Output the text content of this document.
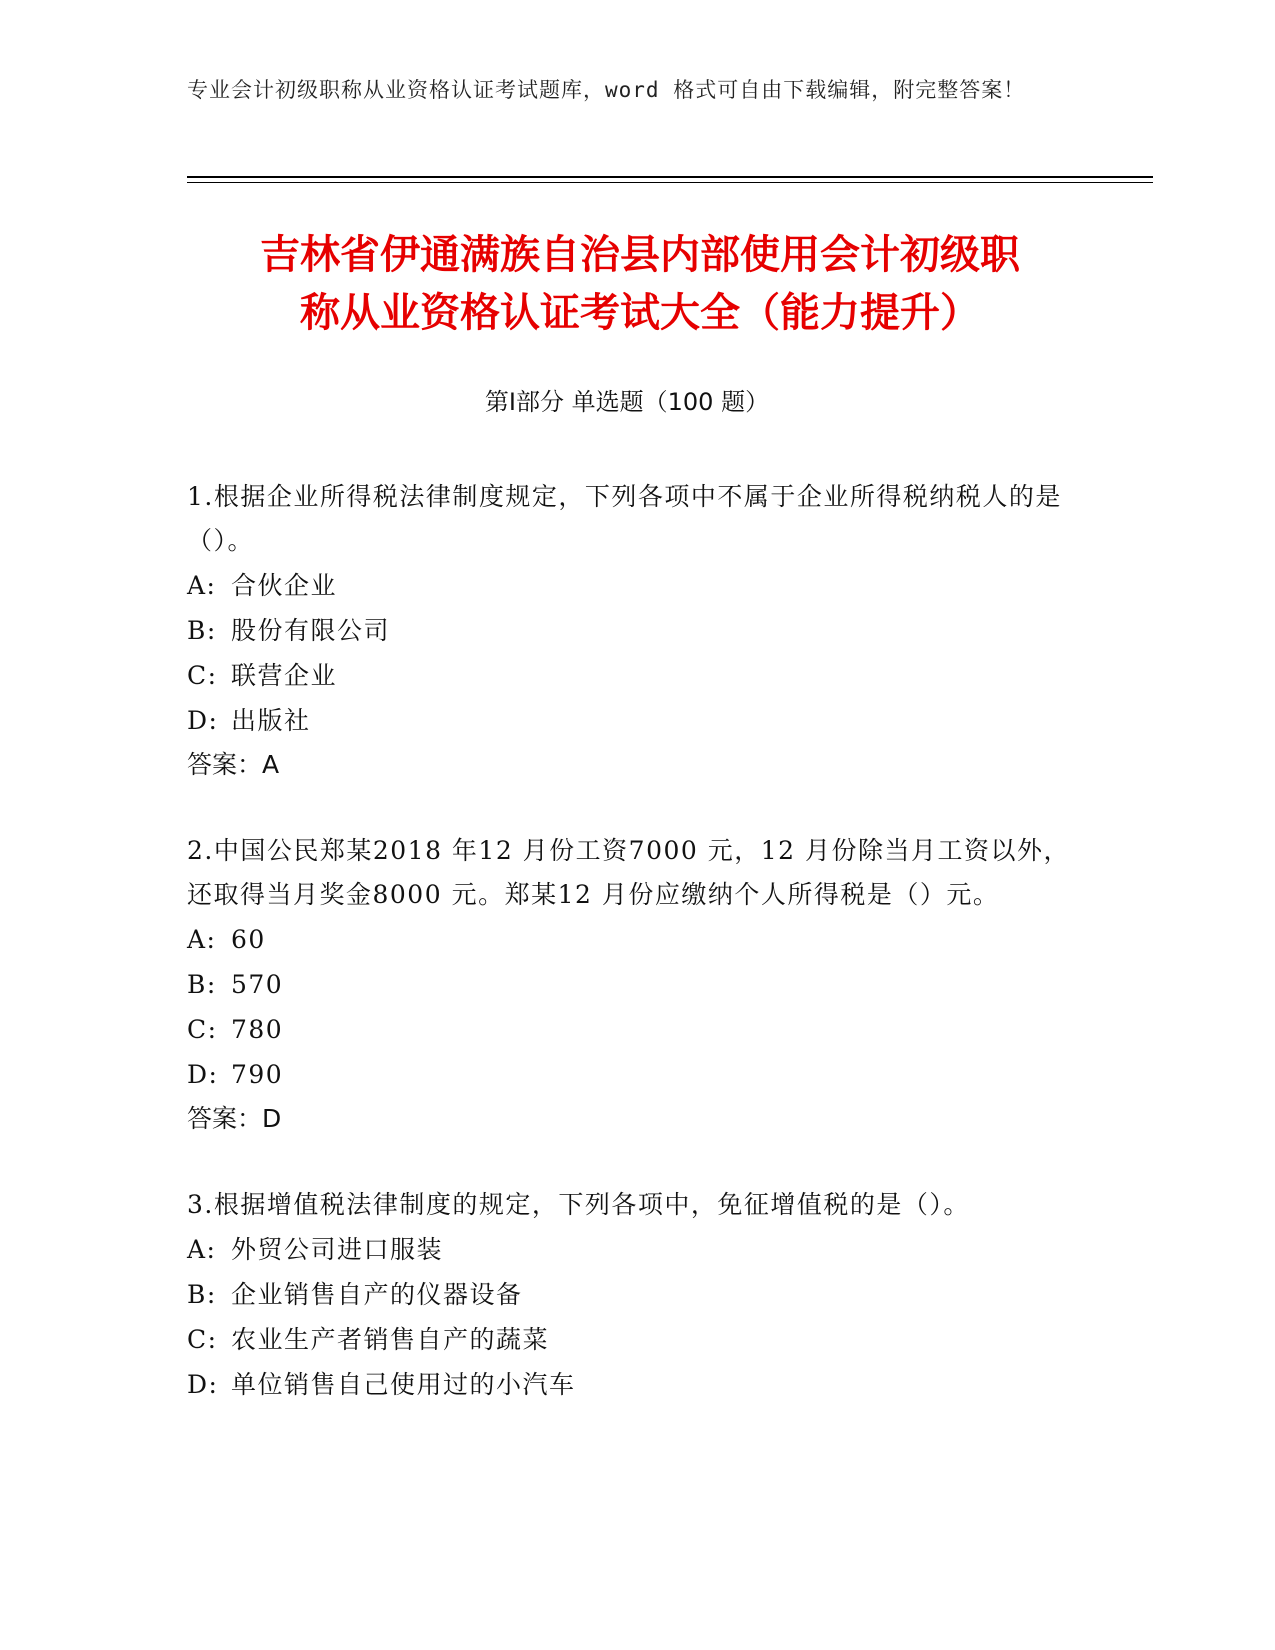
专业会计初级职称从业资格认证考试题库，word 格式可自由下载编辑，附完整答案！
吉林省伊通满族自治县内部使用会计初级职
称从业资格认证考试大全（能力提升）
第Ⅰ部分 单选题（100 题）

1.根据企业所得税法律制度规定，下列各项中不属于企业所得税纳税人的是（）。

A: 合伙企业

B: 股份有限公司

C: 联营企业

D: 出版社

答案：A

2.中国公民郑某2018 年12 月份工资7000 元，12 月份除当月工资以外，还取得当月奖金8000 元。郑某12 月份应缴纳个人所得税是（）元。

A: 60

B: 570

C: 780

D: 790

答案：D

3.根据增值税法律制度的规定，下列各项中，免征增值税的是（）。

A: 外贸公司进口服装

B: 企业销售自产的仪器设备

C: 农业生产者销售自产的蔬菜

D: 单位销售自己使用过的小汽车
